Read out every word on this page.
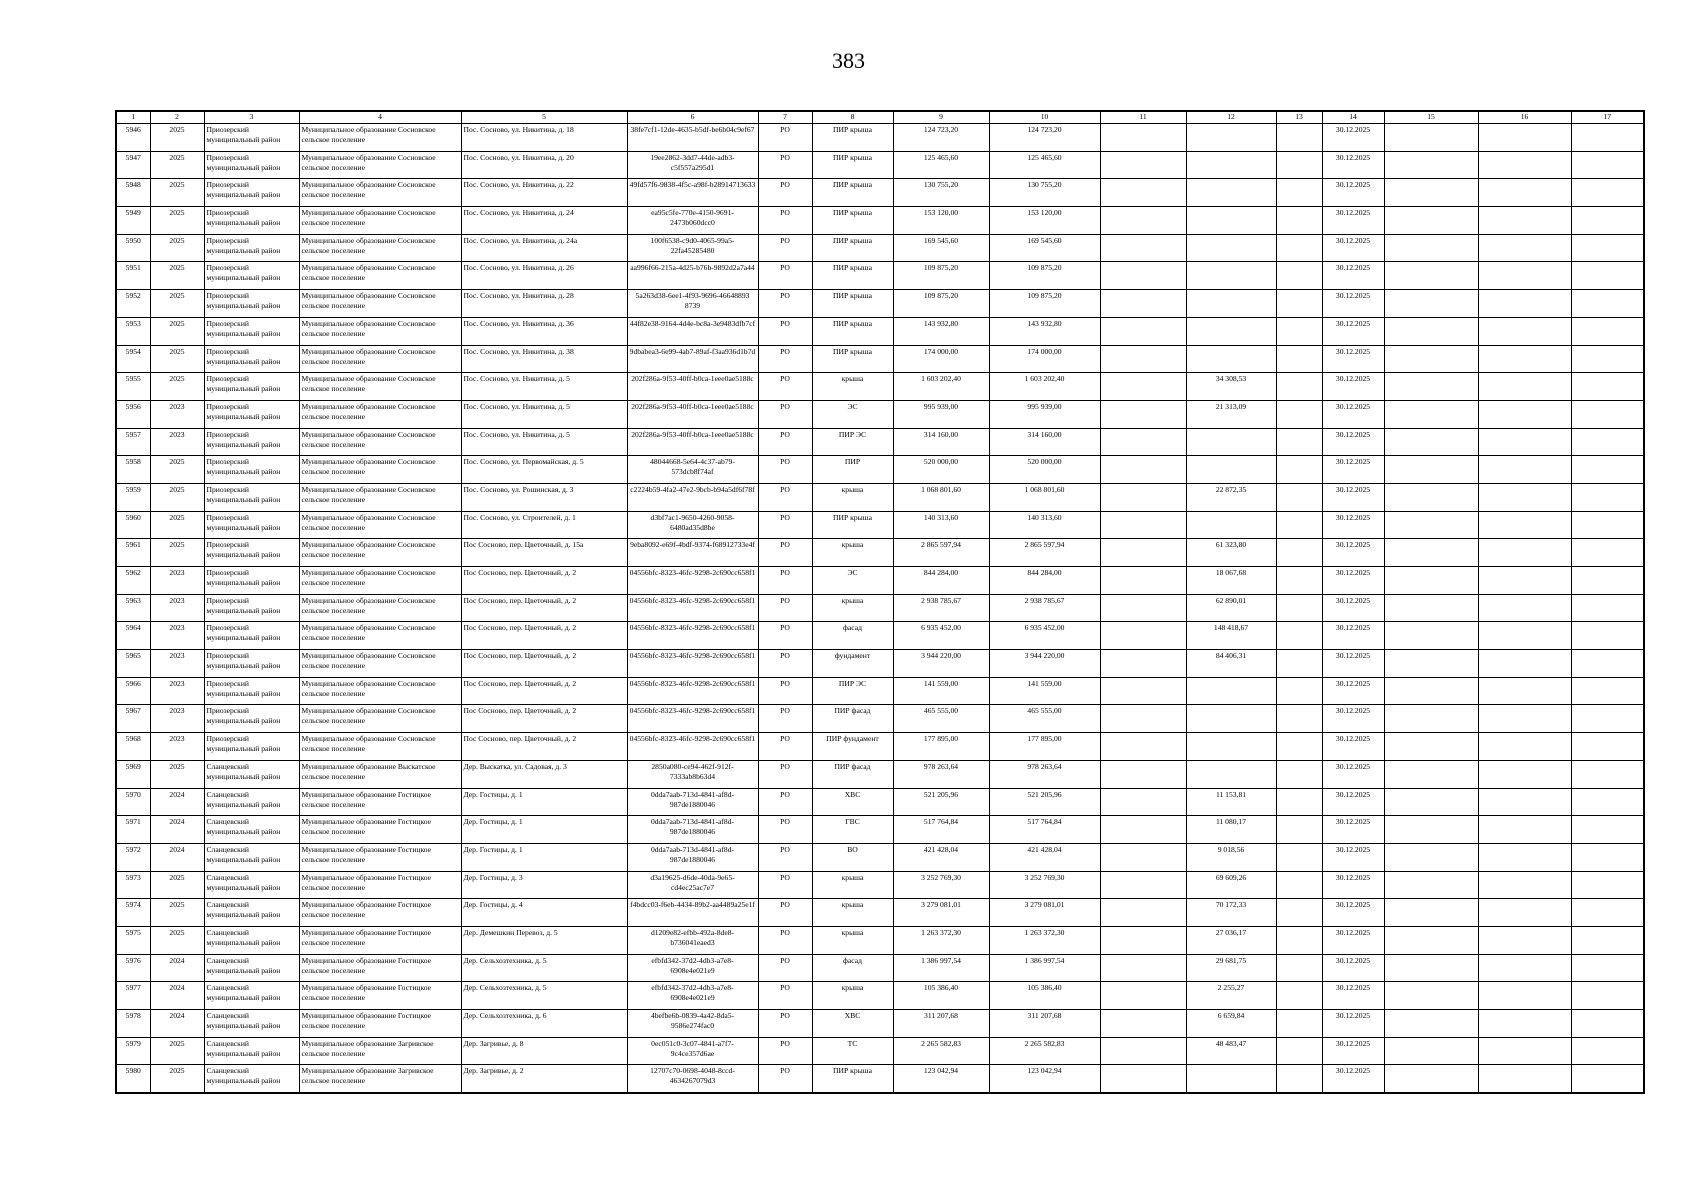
383
1	2	3	4	5	6	7	8	9	10	11	12	13	14	15	16	17
5946	2025	Приозерский муниципальный район	Муниципальное образование Сосновское сельское поселение	Пос. Сосново, ул. Никитина, д. 18	38fe7cf1-12de-4635-b5df-be6b04c9ef67	РО	ПИР крыша	124 723,20	124 723,20				30.12.2025			
5947	2025	Приозерский муниципальный район	Муниципальное образование Сосновское сельское поселение	Пос. Сосново, ул. Никитина, д. 20	19ee2862-3dd7-44de-adb3-c5f557a295d1	РО	ПИР крыша	125 465,60	125 465,60				30.12.2025			
5948	2025	Приозерский муниципальный район	Муниципальное образование Сосновское сельское поселение	Пос. Сосново, ул. Никитина, д. 22	49fd57f6-9838-4f5c-a98f-b28914713633	РО	ПИР крыша	130 755,20	130 755,20				30.12.2025			
5949	2025	Приозерский муниципальный район	Муниципальное образование Сосновское сельское поселение	Пос. Сосново, ул. Никитина, д. 24	ea95c5fe-770e-4150-9691-2473b060dcc0	РО	ПИР крыша	153 120,00	153 120,00				30.12.2025			
5950	2025	Приозерский муниципальный район	Муниципальное образование Сосновское сельское поселение	Пос. Сосново, ул. Никитина, д. 24а	100f6538-c9d0-4065-99a5-22fa45285480	РО	ПИР крыша	169 545,60	169 545,60				30.12.2025			
5951	2025	Приозерский муниципальный район	Муниципальное образование Сосновское сельское поселение	Пос. Сосново, ул. Никитина, д. 26	aa996f66-215a-4d25-b76b-9892d2a7a44	РО	ПИР крыша	109 875,20	109 875,20				30.12.2025			
5952	2025	Приозерский муниципальный район	Муниципальное образование Сосновское сельское поселение	Пос. Сосново, ул. Никитина, д. 28	5a263d38-6ee1-4f93-9696-46648893 8739	РО	ПИР крыша	109 875,20	109 875,20				30.12.2025			
5953	2025	Приозерский муниципальный район	Муниципальное образование Сосновское сельское поселение	Пос. Сосново, ул. Никитина, д. 36	44f82e38-9164-4d4e-bc8a-3e9483dfb7cf	РО	ПИР крыша	143 932,80	143 932,80				30.12.2025			
5954	2025	Приозерский муниципальный район	Муниципальное образование Сосновское сельское поселение	Пос. Сосново, ул. Никитина, д. 38	9dbabea3-6e99-4ab7-89af-f3aa936d1b7d	РО	ПИР крыша	174 000,00	174 000,00				30.12.2025			
5955	2025	Приозерский муниципальный район	Муниципальное образование Сосновское сельское поселение	Пос. Сосново, ул. Никитина, д. 5	202f286a-9f53-40ff-b0ca-1eee0ae5188c	РО	крыша	1 603 202,40	1 603 202,40		34 308,53		30.12.2025			
5956	2023	Приозерский муниципальный район	Муниципальное образование Сосновское сельское поселение	Пос. Сосново, ул. Никитина, д. 5	202f286a-9f53-40ff-b0ca-1eee0ae5188c	РО	ЭС	995 939,00	995 939,00		21 313,09		30.12.2025			
5957	2023	Приозерский муниципальный район	Муниципальное образование Сосновское сельское поселение	Пос. Сосново, ул. Никитина, д. 5	202f286a-9f53-40ff-b0ca-1eee0ae5188c	РО	ПИР ЭС	314 160,00	314 160,00				30.12.2025			
5958	2025	Приозерский муниципальный район	Муниципальное образование Сосновское сельское поселение	Пос. Сосново, ул. Первомайская, д. 5	48044668-5e64-4c37-ab79-573dcb8f74af	РО	ПИР	520 000,00	520 000,00				30.12.2025			
5959	2025	Приозерский муниципальный район	Муниципальное образование Сосновское сельское поселение	Пос. Сосново, ул. Рошинская, д. 3	c2224b59-4fa2-47e2-9bcb-b94a5df6f78f	РО	крыша	1 068 801,60	1 068 801,60		22 872,35		30.12.2025			
5960	2025	Приозерский муниципальный район	Муниципальное образование Сосновское сельское поселение	Пос. Сосново, ул. Строителей, д. 1	d3bf7ac1-9650-4260-9058-6480ad35d8be	РО	ПИР крыша	140 313,60	140 313,60				30.12.2025			
5961	2025	Приозерский муниципальный район	Муниципальное образование Сосновское сельское поселение	Пос Сосново, пер. Цветочный, д. 15а	9eba8092-e69f-4bdf-9374-f68912733e4f	РО	крыша	2 865 597,94	2 865 597,94		61 323,80		30.12.2025			
5962	2023	Приозерский муниципальный район	Муниципальное образование Сосновское сельское поселение	Пос Сосново, пер. Цветочный, д. 2	04556bfc-8323-46fc-9298-2c690cc658f1	РО	ЭС	844 284,00	844 284,00		18 067,68		30.12.2025			
5963	2023	Приозерский муниципальный район	Муниципальное образование Сосновское сельское поселение	Пос Сосново, пер. Цветочный, д. 2	04556bfc-8323-46fc-9298-2c690cc658f1	РО	крыша	2 938 785,67	2 938 785,67		62 890,01		30.12.2025			
5964	2023	Приозерский муниципальный район	Муниципальное образование Сосновское сельское поселение	Пос Сосново, пер. Цветочный, д. 2	04556bfc-8323-46fc-9298-2c690cc658f1	РО	фасад	6 935 452,00	6 935 452,00		148 418,67		30.12.2025			
5965	2023	Приозерский муниципальный район	Муниципальное образование Сосновское сельское поселение	Пос Сосново, пер. Цветочный, д. 2	04556bfc-8323-46fc-9298-2c690cc658f1	РО	фундамент	3 944 220,00	3 944 220,00		84 406,31		30.12.2025			
5966	2023	Приозерский муниципальный район	Муниципальное образование Сосновское сельское поселение	Пос Сосново, пер. Цветочный, д. 2	04556bfc-8323-46fc-9298-2c690cc658f1	РО	ПИР ЭС	141 559,00	141 559,00				30.12.2025			
5967	2023	Приозерский муниципальный район	Муниципальное образование Сосновское сельское поселение	Пос Сосново, пер. Цветочный, д. 2	04556bfc-8323-46fc-9298-2c690cc658f1	РО	ПИР фасад	465 555,00	465 555,00				30.12.2025			
5968	2023	Приозерский муниципальный район	Муниципальное образование Сосновское сельское поселение	Пос Сосново, пер. Цветочный, д. 2	04556bfc-8323-46fc-9298-2c690cc658f1	РО	ПИР фундамент	177 895,00	177 895,00				30.12.2025			
5969	2025	Сланцевский муниципальный район	Муниципальное образование Выскатское сельское поселение	Дер. Выскатка, ул. Садовая, д. 3	2850a080-ce94-462f-912f-7333ab8b63d4	РО	ПИР фасад	978 263,64	978 263,64				30.12.2025			
5970	2024	Сланцевский муниципальный район	Муниципальное образование Гостицкое сельское поселение	Дер. Гостицы, д. 1	0dda7aab-713d-4841-af8d-987de1880046	РО	ХВС	521 205,96	521 205,96		11 153,81		30.12.2025			
5971	2024	Сланцевский муниципальный район	Муниципальное образование Гостицкое сельское поселение	Дер. Гостицы, д. 1	0dda7aab-713d-4841-af8d-987de1880046	РО	ГВС	517 764,84	517 764,84		11 080,17		30.12.2025			
5972	2024	Сланцевский муниципальный район	Муниципальное образование Гостицкое сельское поселение	Дер. Гостицы, д. 1	0dda7aab-713d-4841-af8d-987de1880046	РО	ВО	421 428,04	421 428,04		9 018,56		30.12.2025			
5973	2025	Сланцевский муниципальный район	Муниципальное образование Гостицкое сельское поселение	Дер. Гостицы, д. 3	d3a19625-d6de-40da-9e65-cd4ec25ac7e7	РО	крыша	3 252 769,30	3 252 769,30		69 609,26		30.12.2025			
5974	2025	Сланцевский муниципальный район	Муниципальное образование Гостицкое сельское поселение	Дер. Гостицы, д. 4	f4bdcc03-f6eb-4434-89b2-aa4489a25e1f	РО	крыша	3 279 081,01	3 279 081,01		70 172,33		30.12.2025			
5975	2025	Сланцевский муниципальный район	Муниципальное образование Гостицкое сельское поселение	Дер. Демешкин Перевоз, д. 5	d1209e82-efbb-492a-8de8-b736041eaed3	РО	крыша	1 263 372,30	1 263 372,30		27 036,17		30.12.2025			
5976	2024	Сланцевский муниципальный район	Муниципальное образование Гостицкое сельское поселение	Дер. Сельхозтехника, д. 5	efbfd342-37d2-4db3-a7e8-6908e4e021e9	РО	фасад	1 386 997,54	1 386 997,54		29 681,75		30.12.2025			
5977	2024	Сланцевский муниципальный район	Муниципальное образование Гостицкое сельское поселение	Дер. Сельхозтехника, д. 5	efbfd342-37d2-4db3-a7e8-6908e4e021e9	РО	крыша	105 386,40	105 386,40		2 255,27		30.12.2025			
5978	2024	Сланцевский муниципальный район	Муниципальное образование Гостицкое сельское поселение	Дер. Сельхозтехника, д. 6	4befbe6b-0839-4a42-8da5-9586e274fac0	РО	ХВС	311 207,68	311 207,68		6 659,84		30.12.2025			
5979	2025	Сланцевский муниципальный район	Муниципальное образование Загривское сельское поселение	Дер. Загривье, д. 8	0ec051c0-3c07-4841-a7f7-9c4ce357d6ae	РО	ТС	2 265 582,83	2 265 582,83		48 483,47		30.12.2025			
5980	2025	Сланцевский муниципальный район	Муниципальное образование Загривское сельское поселение	Дер. Загривье, д. 2	12707c70-0698-4048-8ccd-4634267079d3	РО	ПИР крыша	123 042,94	123 042,94				30.12.2025			
